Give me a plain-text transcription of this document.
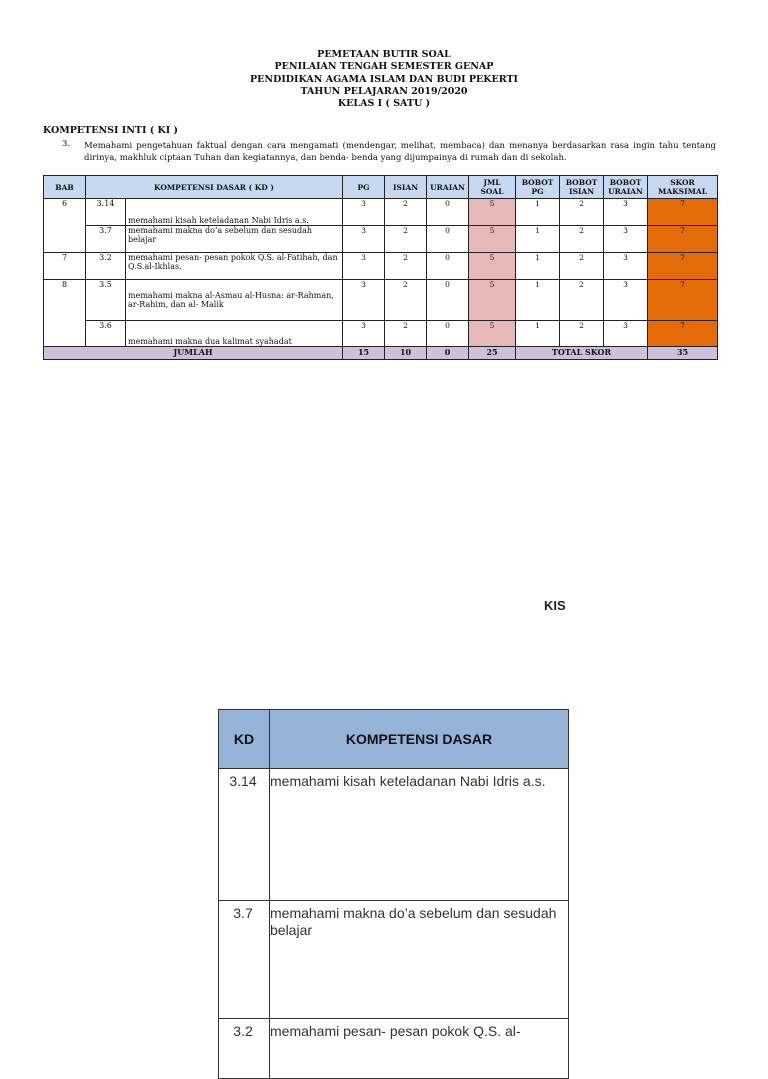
PEMETAAN BUTIR SOAL
PENILAIAN TENGAH SEMESTER GENAP
PENDIDIKAN AGAMA ISLAM DAN BUDI PEKERTI
TAHUN PELAJARAN 2019/2020
KELAS I ( SATU )
KOMPETENSI INTI ( KI )
3. Memahami pengetahuan faktual dengan cara mengamati (mendengar, melihat, membaca) dan menanya berdasarkan rasa ingin tahu tentang dirinya, makhluk ciptaan Tuhan dan kegiatannya, dan benda- benda yang dijumpainya di rumah dan di sekolah.
BAB	KOMPETENSI DASAR ( KD )		PG	ISIAN	URAIAN	JML SOAL	BOBOT PG	BOBOT ISIAN	BOBOT URAIAN	SKOR MAKSIMAL
6	3.14	memahami kisah keteladanan Nabi Idris a.s.	3	2	0	5	1	2	3	7
	3.7	memahami makna do’a sebelum dan sesudah belajar	3	2	0	5	1	2	3	7
7	3.2	memahami pesan- pesan pokok Q.S. al-Fatihah, dan Q.S.al-Ikhlas.	3	2	0	5	1	2	3	7
8	3.5	memahami makna al-Asmau al-Husna: ar-Rahman, ar-Rahim, dan al- Malik	3	2	0	5	1	2	3	7
	3.6	memahami makna dua kalimat syahadat	3	2	0	5	1	2	3	7
JUMLAH			15	10	0	25	TOTAL SKOR			35
KIS
KD	KOMPETENSI DASAR
3.14	memahami kisah keteladanan Nabi Idris a.s.
3.7	memahami makna do’a sebelum dan sesudah belajar
3.2	memahami pesan- pesan pokok Q.S. al-
